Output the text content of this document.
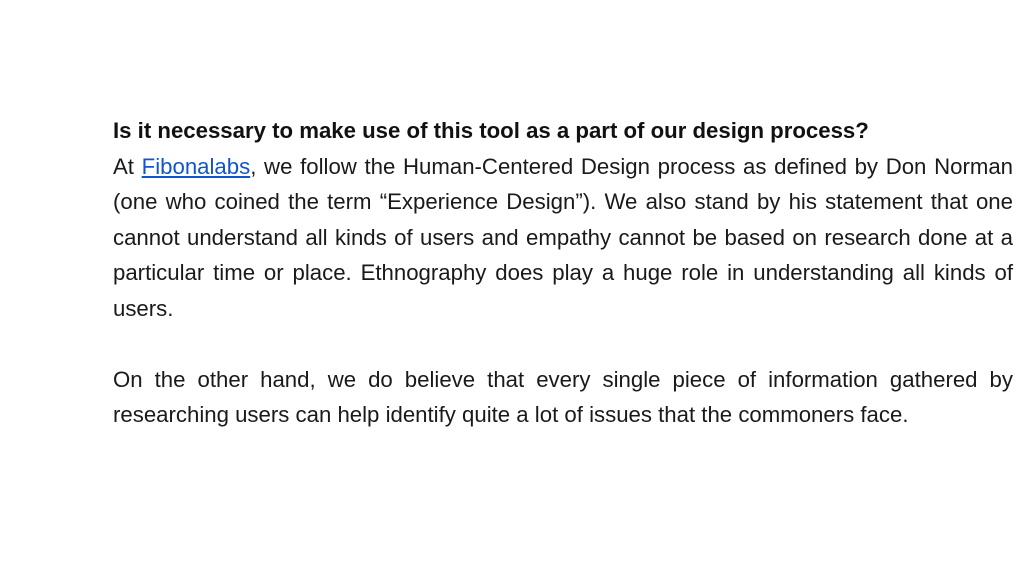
Is it necessary to make use of this tool as a part of our design process?

At Fibonalabs, we follow the Human-Centered Design process as defined by Don Norman (one who coined the term “Experience Design”). We also stand by his statement that one cannot understand all kinds of users and empathy cannot be based on research done at a particular time or place. Ethnography does play a huge role in understanding all kinds of users.

On the other hand, we do believe that every single piece of information gathered by researching users can help identify quite a lot of issues that the commoners face.
